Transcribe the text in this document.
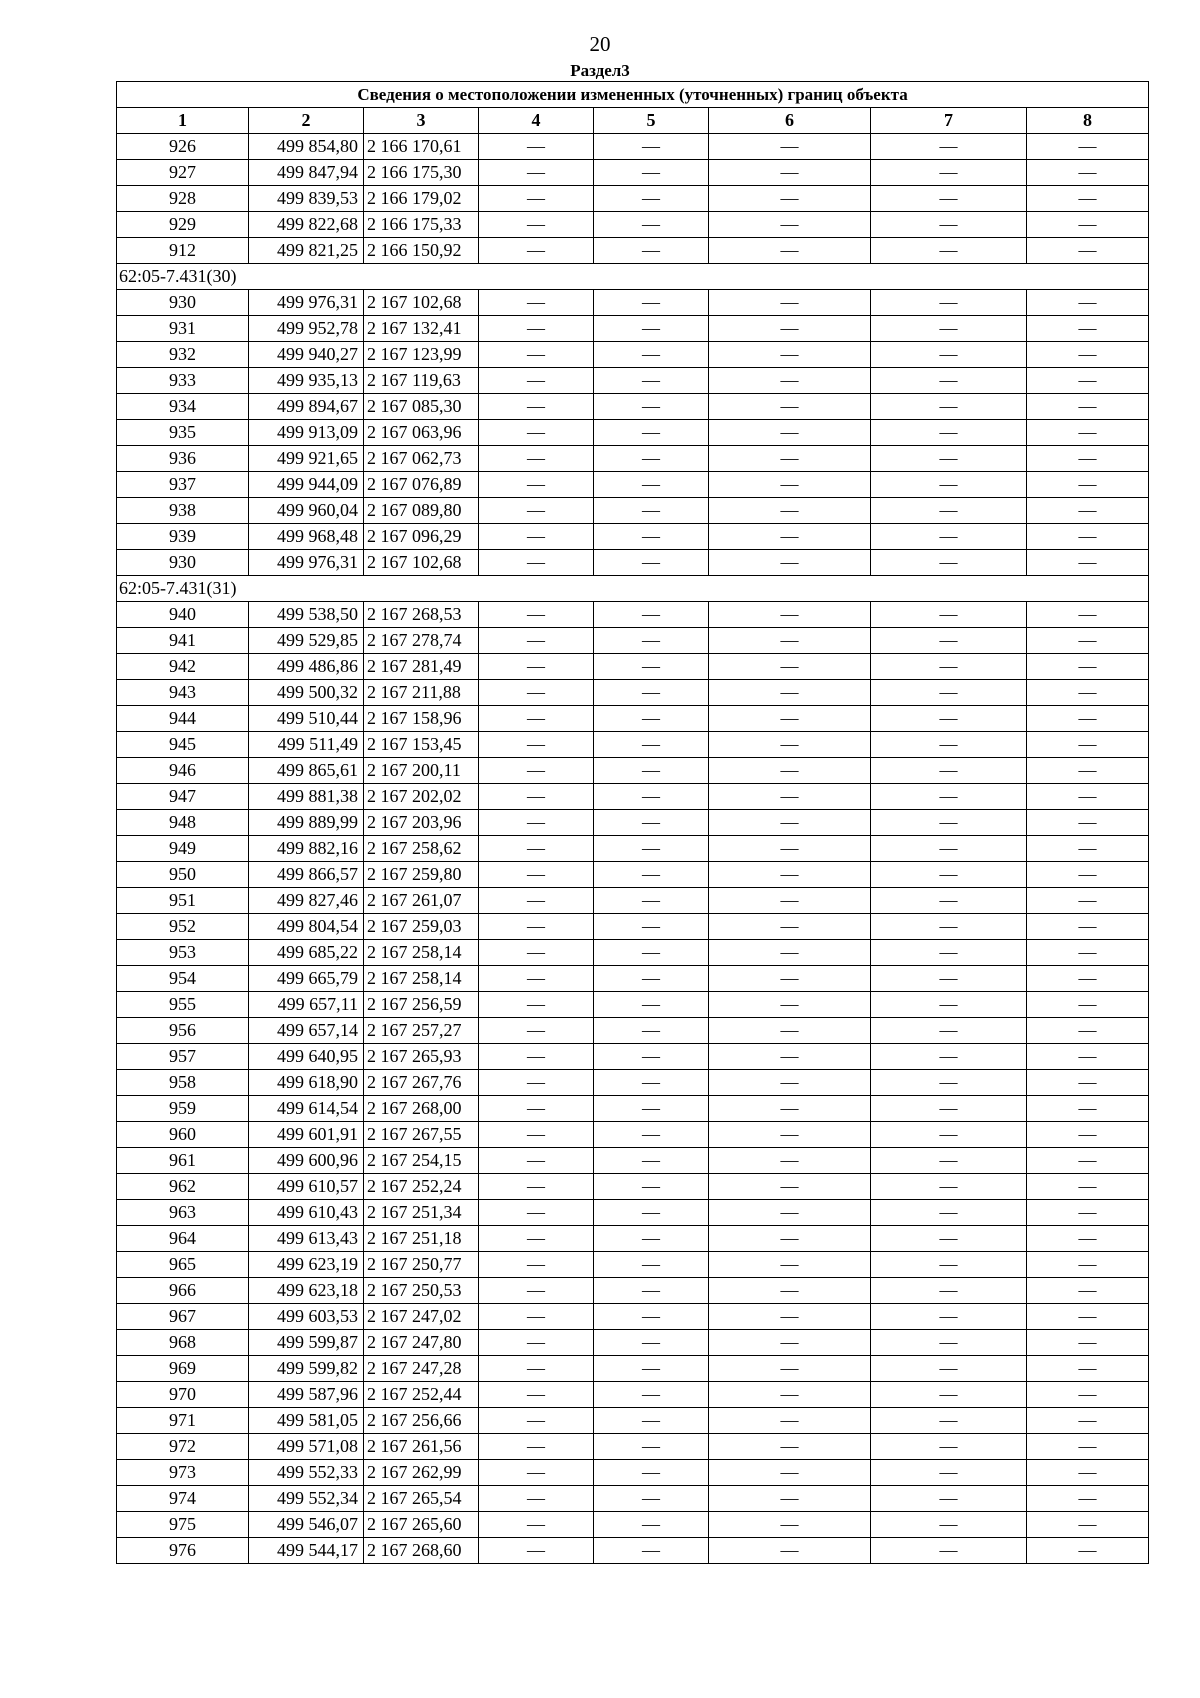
20
Раздел3
Сведения о местоположении измененных (уточненных) границ объекта							
1	2	3	4	5	6	7	8
926	499 854,80	2 166 170,61	—	—	—	—	—
927	499 847,94	2 166 175,30	—	—	—	—	—
928	499 839,53	2 166 179,02	—	—	—	—	—
929	499 822,68	2 166 175,33	—	—	—	—	—
912	499 821,25	2 166 150,92	—	—	—	—	—
62:05-7.431(30)							
930	499 976,31	2 167 102,68	—	—	—	—	—
931	499 952,78	2 167 132,41	—	—	—	—	—
932	499 940,27	2 167 123,99	—	—	—	—	—
933	499 935,13	2 167 119,63	—	—	—	—	—
934	499 894,67	2 167 085,30	—	—	—	—	—
935	499 913,09	2 167 063,96	—	—	—	—	—
936	499 921,65	2 167 062,73	—	—	—	—	—
937	499 944,09	2 167 076,89	—	—	—	—	—
938	499 960,04	2 167 089,80	—	—	—	—	—
939	499 968,48	2 167 096,29	—	—	—	—	—
930	499 976,31	2 167 102,68	—	—	—	—	—
62:05-7.431(31)							
940	499 538,50	2 167 268,53	—	—	—	—	—
941	499 529,85	2 167 278,74	—	—	—	—	—
942	499 486,86	2 167 281,49	—	—	—	—	—
943	499 500,32	2 167 211,88	—	—	—	—	—
944	499 510,44	2 167 158,96	—	—	—	—	—
945	499 511,49	2 167 153,45	—	—	—	—	—
946	499 865,61	2 167 200,11	—	—	—	—	—
947	499 881,38	2 167 202,02	—	—	—	—	—
948	499 889,99	2 167 203,96	—	—	—	—	—
949	499 882,16	2 167 258,62	—	—	—	—	—
950	499 866,57	2 167 259,80	—	—	—	—	—
951	499 827,46	2 167 261,07	—	—	—	—	—
952	499 804,54	2 167 259,03	—	—	—	—	—
953	499 685,22	2 167 258,14	—	—	—	—	—
954	499 665,79	2 167 258,14	—	—	—	—	—
955	499 657,11	2 167 256,59	—	—	—	—	—
956	499 657,14	2 167 257,27	—	—	—	—	—
957	499 640,95	2 167 265,93	—	—	—	—	—
958	499 618,90	2 167 267,76	—	—	—	—	—
959	499 614,54	2 167 268,00	—	—	—	—	—
960	499 601,91	2 167 267,55	—	—	—	—	—
961	499 600,96	2 167 254,15	—	—	—	—	—
962	499 610,57	2 167 252,24	—	—	—	—	—
963	499 610,43	2 167 251,34	—	—	—	—	—
964	499 613,43	2 167 251,18	—	—	—	—	—
965	499 623,19	2 167 250,77	—	—	—	—	—
966	499 623,18	2 167 250,53	—	—	—	—	—
967	499 603,53	2 167 247,02	—	—	—	—	—
968	499 599,87	2 167 247,80	—	—	—	—	—
969	499 599,82	2 167 247,28	—	—	—	—	—
970	499 587,96	2 167 252,44	—	—	—	—	—
971	499 581,05	2 167 256,66	—	—	—	—	—
972	499 571,08	2 167 261,56	—	—	—	—	—
973	499 552,33	2 167 262,99	—	—	—	—	—
974	499 552,34	2 167 265,54	—	—	—	—	—
975	499 546,07	2 167 265,60	—	—	—	—	—
976	499 544,17	2 167 268,60	—	—	—	—	—
